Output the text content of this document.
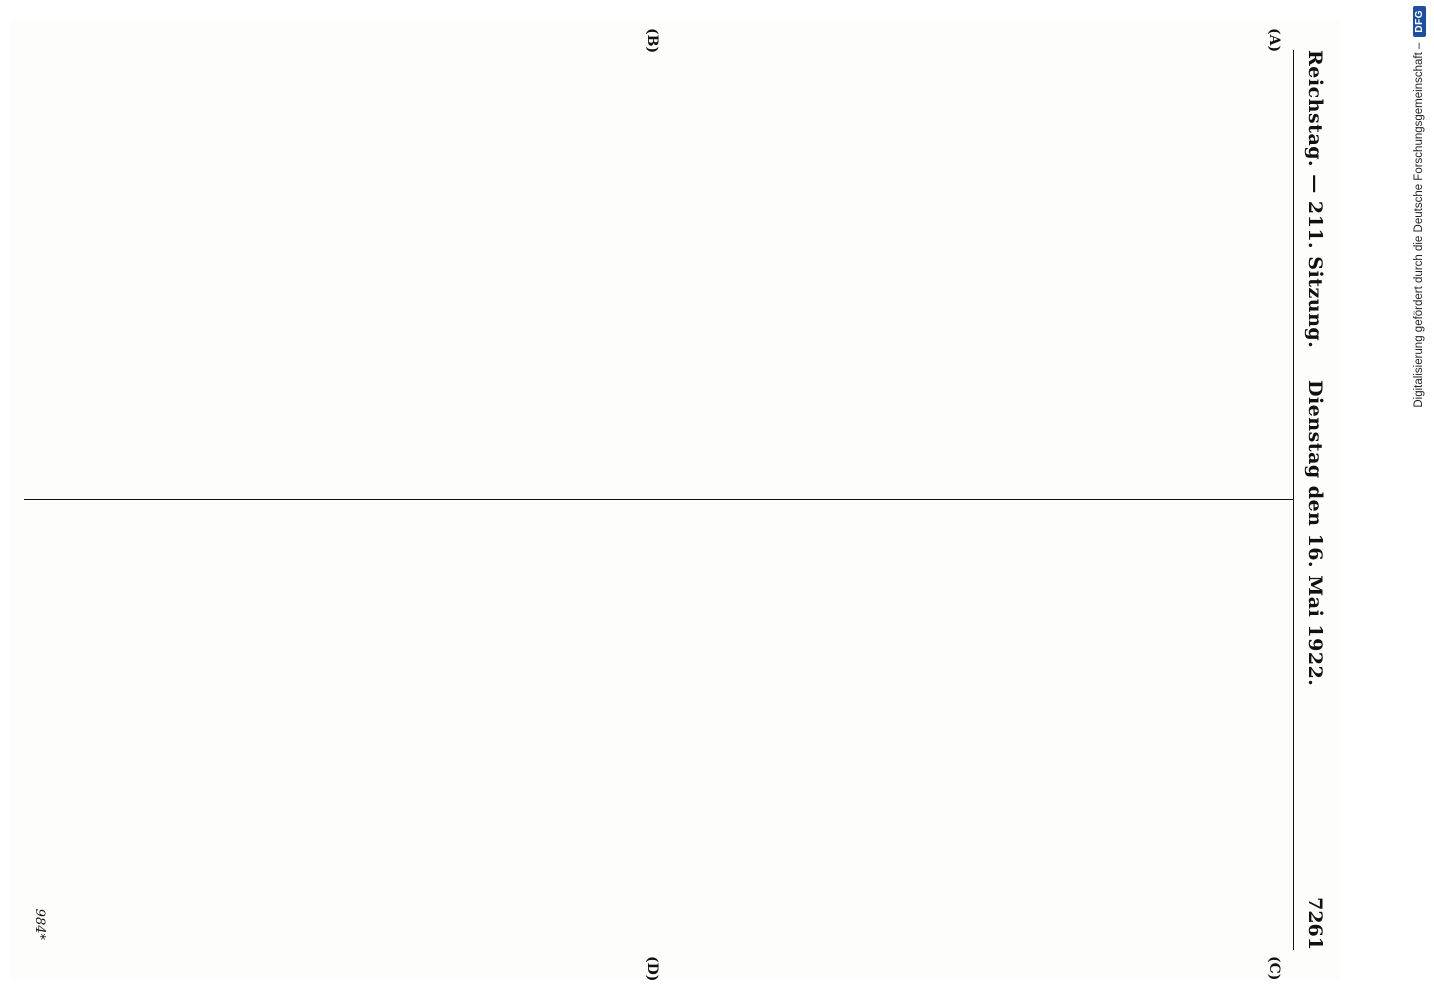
Reichstag. — 211. Sitzung.
Dienstag den 16. Mai 1922.
7261
(A)
(B)
(C)
(D)
984*
Digitalisierung gefördert durch die Deutsche Forschungsgemeinschaft –
DFG
